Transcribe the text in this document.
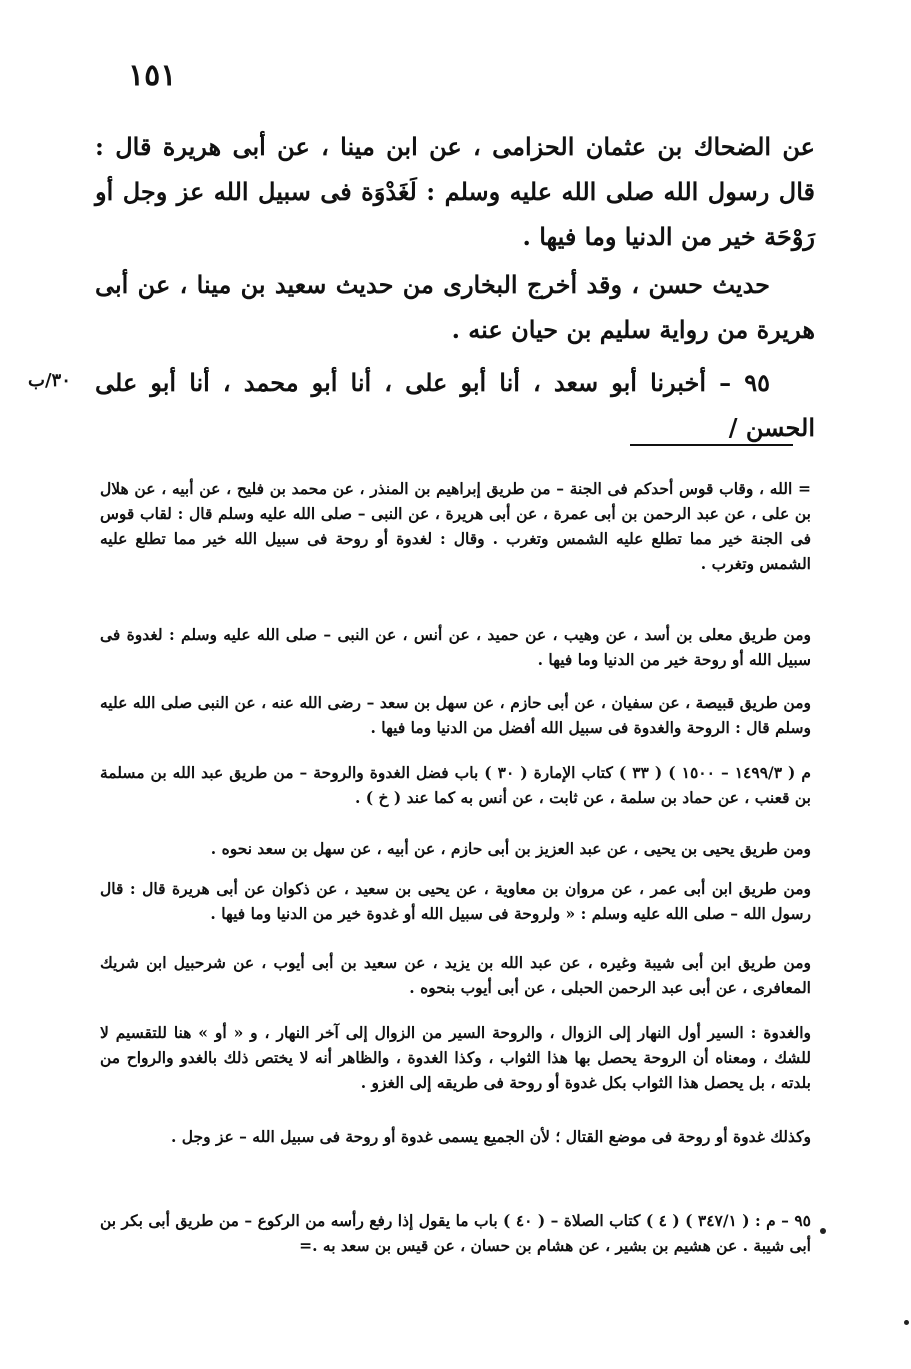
١٥١

عن الضحاك بن عثمان الحزامى ، عن ابن مينا ، عن أبى هريرة قال : قال رسول الله صلى الله عليه وسلم : لَغَدْوَة فى سبيل الله عز وجل أو رَوْحَة خير من الدنيا وما فيها .

حديث حسن ، وقد أخرج البخارى من حديث سعيد بن مينا ، عن أبى هريرة من رواية سليم بن حيان عنه .

٩٥ – أخبرنا أبو سعد ، أنا أبو على ، أنا أبو محمد ، أنا أبو على الحسن /

٣٠/ب

= الله ، وقاب قوس أحدكم فى الجنة – من طريق إبراهيم بن المنذر ، عن محمد بن فليح ، عن أبيه ، عن هلال بن على ، عن عبد الرحمن بن أبى عمرة ، عن أبى هريرة ، عن النبى – صلى الله عليه وسلم قال : لقاب قوس فى الجنة خير مما تطلع عليه الشمس وتغرب . وقال : لغدوة أو روحة فى سبيل الله خير مما تطلع عليه الشمس وتغرب .

ومن طريق معلى بن أسد ، عن وهيب ، عن حميد ، عن أنس ، عن النبى – صلى الله عليه وسلم : لغدوة فى سبيل الله أو روحة خير من الدنيا وما فيها .

ومن طريق قبيصة ، عن سفيان ، عن أبى حازم ، عن سهل بن سعد – رضى الله عنه ، عن النبى صلى الله عليه وسلم قال : الروحة والغدوة فى سبيل الله أفضل من الدنيا وما فيها .

م ( ١٤٩٩/٣ – ١٥٠٠ ) ( ٣٣ ) كتاب الإمارة ( ٣٠ ) باب فضل الغدوة والروحة – من طريق عبد الله بن مسلمة بن قعنب ، عن حماد بن سلمة ، عن ثابت ، عن أنس به كما عند ( خ ) .

ومن طريق يحيى بن يحيى ، عن عبد العزيز بن أبى حازم ، عن أبيه ، عن سهل بن سعد نحوه .

ومن طريق ابن أبى عمر ، عن مروان بن معاوية ، عن يحيى بن سعيد ، عن ذكوان عن أبى هريرة قال : قال رسول الله – صلى الله عليه وسلم : « ولروحة فى سبيل الله أو غدوة خير من الدنيا وما فيها .

ومن طريق ابن أبى شيبة وغيره ، عن عبد الله بن يزيد ، عن سعيد بن أبى أيوب ، عن شرحبيل ابن شريك المعافرى ، عن أبى عبد الرحمن الحبلى ، عن أبى أيوب بنحوه .

والغدوة : السير أول النهار إلى الزوال ، والروحة السير من الزوال إلى آخر النهار ، و « أو » هنا للتقسيم لا للشك ، ومعناه أن الروحة يحصل بها هذا الثواب ، وكذا الغدوة ، والظاهر أنه لا يختص ذلك بالغدو والرواح من بلدته ، بل يحصل هذا الثواب بكل غدوة أو روحة فى طريقه إلى الغزو .

وكذلك غدوة أو روحة فى موضع القتال ؛ لأن الجميع يسمى غدوة أو روحة فى سبيل الله – عز وجل .

٩٥ – م : ( ٣٤٧/١ ) ( ٤ ) كتاب الصلاة – ( ٤٠ ) باب ما يقول إذا رفع رأسه من الركوع – من طريق أبى بكر بن أبى شيبة . عن هشيم بن بشير ، عن هشام بن حسان ، عن قيس بن سعد به .=
